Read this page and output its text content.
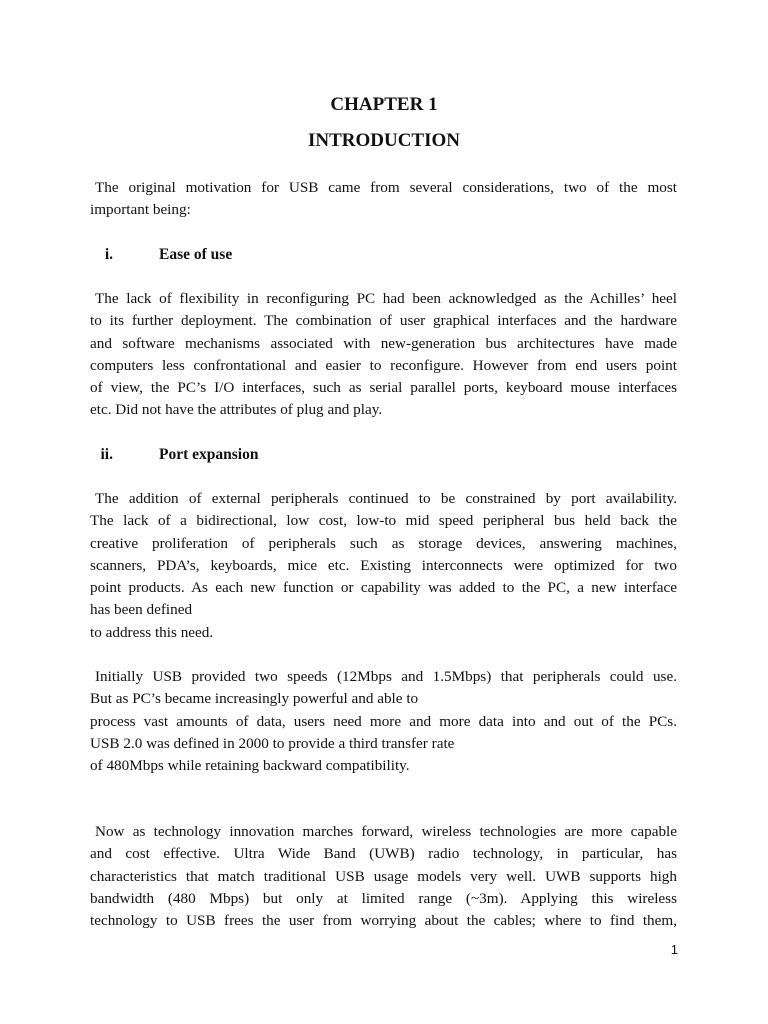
CHAPTER 1
INTRODUCTION
The original motivation for USB came from several considerations, two of the most
important being:
i.	Ease of use
The lack of flexibility in reconfiguring PC had been acknowledged as the Achilles’ heel
to its further deployment. The combination of user graphical interfaces and the hardware
and software mechanisms associated with new-generation bus architectures have made
computers less confrontational and easier to reconfigure. However from end users point
of view, the PC’s I/O interfaces, such as serial parallel ports, keyboard mouse interfaces
etc. Did not have the attributes of plug and play.
ii.	Port expansion
The addition of external peripherals continued to be constrained by port availability.
The lack of a bidirectional, low cost, low-to mid speed peripheral bus held back the
creative proliferation of peripherals such as storage devices, answering machines,
scanners, PDA’s, keyboards, mice etc. Existing interconnects were optimized for two
point products. As each new function or capability was added to the PC, a new interface
has been defined
to address this need.
Initially USB provided two speeds (12Mbps and 1.5Mbps) that peripherals could use.
But as PC’s became increasingly powerful and able to
process vast amounts of data, users need more and more data into and out of the PCs.
USB 2.0 was defined in 2000 to provide a third transfer rate
of 480Mbps while retaining backward compatibility.
Now as technology innovation marches forward, wireless technologies are more capable
and cost effective. Ultra Wide Band (UWB) radio technology, in particular, has
characteristics that match traditional USB usage models very well. UWB supports high
bandwidth (480 Mbps) but only at limited range (~3m). Applying this wireless
technology to USB frees the user from worrying about the cables; where to find them,
1
